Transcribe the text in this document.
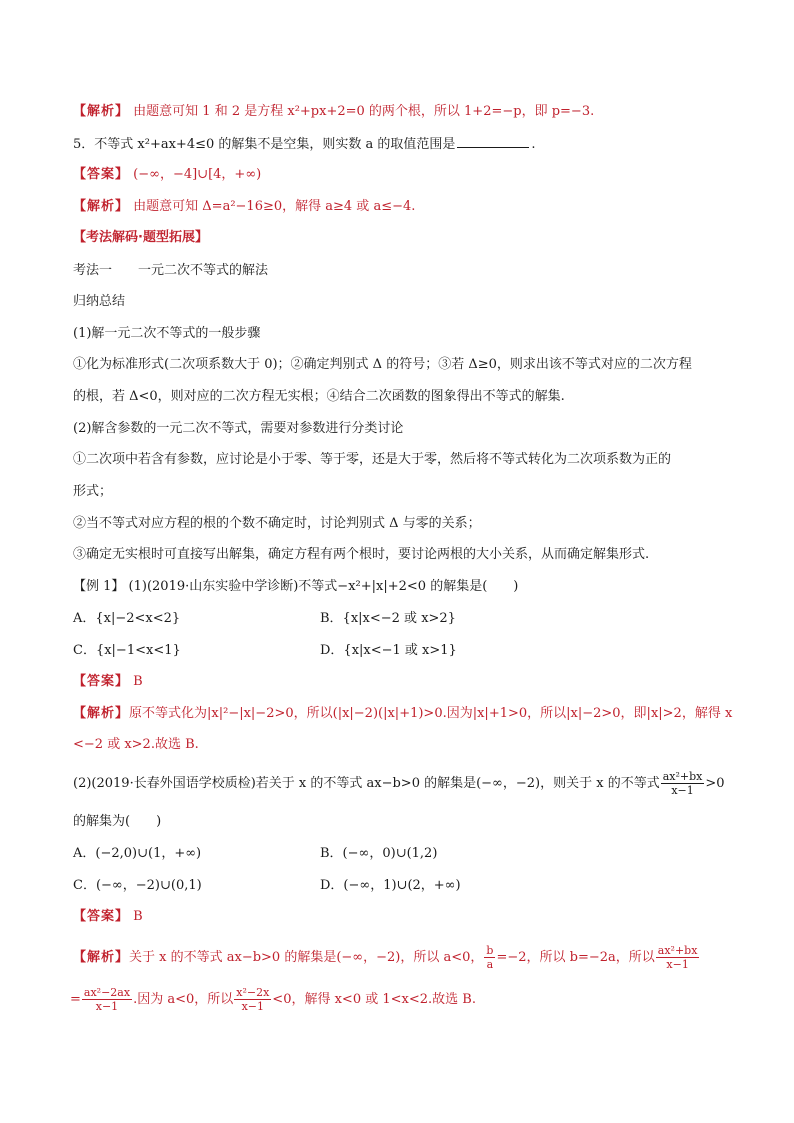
【解析】 由题意可知 1 和 2 是方程 x²+px+2=0 的两个根，所以 1+2=−p，即 p=−3.
5．不等式 x²+ax+4≤0 的解集不是空集，则实数 a 的取值范围是	.
【答案】 (−∞，−4]∪[4，+∞)
【解析】 由题意可知 Δ=a²−16≥0，解得 a≥4 或 a≤−4.
【考法解码·题型拓展】
考法一　　一元二次不等式的解法
归纳总结
(1)解一元二次不等式的一般步骤
①化为标准形式(二次项系数大于 0)；②确定判别式 Δ 的符号；③若 Δ≥0，则求出该不等式对应的二次方程
的根，若 Δ<0，则对应的二次方程无实根；④结合二次函数的图象得出不等式的解集.
(2)解含参数的一元二次不等式，需要对参数进行分类讨论
①二次项中若含有参数，应讨论是小于零、等于零，还是大于零，然后将不等式转化为二次项系数为正的
形式；
②当不等式对应方程的根的个数不确定时，讨论判别式 Δ 与零的关系；
③确定无实根时可直接写出解集，确定方程有两个根时，要讨论两根的大小关系，从而确定解集形式.
【例 1】 (1)(2019·山东实验中学诊断)不等式−x²+|x|+2<0 的解集是(　　)
A．{x|−2<x<2}	B．{x|x<−2 或 x>2}
C．{x|−1<x<1}	D．{x|x<−1 或 x>1}
【答案】 B
【解析】原不等式化为|x|²−|x|−2>0，所以(|x|−2)(|x|+1)>0.因为|x|+1>0，所以|x|−2>0，即|x|>2，解得 x
<−2 或 x>2.故选 B.
(2)(2019·长春外国语学校质检)若关于 x 的不等式 ax−b>0 的解集是(−∞，−2)，则关于 x 的不等式 $\frac{\text{ax²+bx}}{x-1} >0$
的解集为(　　)
A．(−2,0)∪(1，+∞)	B．(−∞，0)∪(1,2)
C．(−∞，−2)∪(0,1)	D．(−∞，1)∪(2，+∞)
【答案】 B
【解析】关于 x 的不等式 ax−b>0 的解集是(−∞，−2)，所以 a<0， $\frac{b}{a} =-2$，所以 b=−2a，所以 $\frac{\text{ax²+bx}}{x-1}$
= $\frac{\text{ax²−2ax}}{x-1}$ .因为 a<0，所以 $\frac{\text{x²−2x}}{x-1} <0$，解得 x<0 或 1<x<2.故选 B.
